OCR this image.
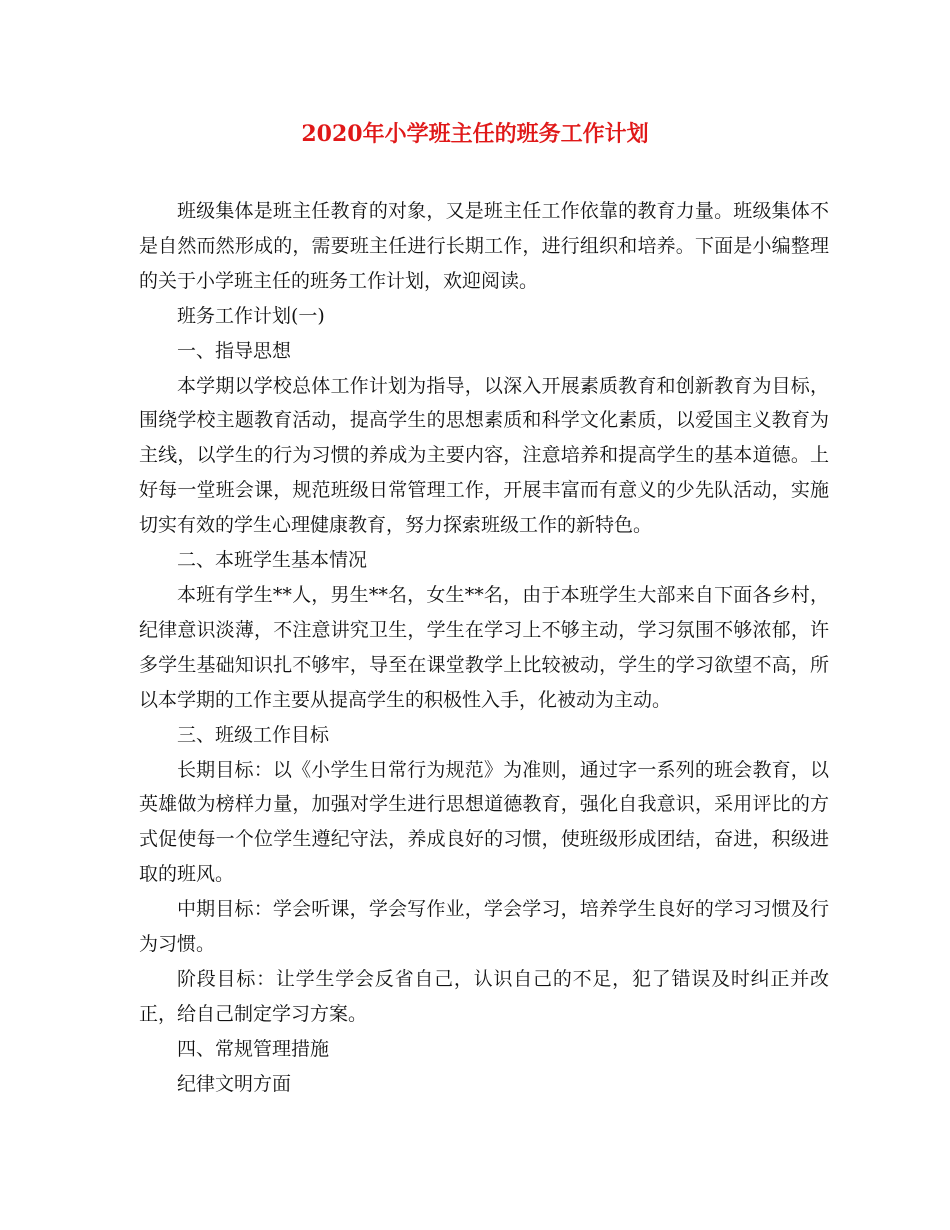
2020年小学班主任的班务工作计划

班级集体是班主任教育的对象，又是班主任工作依靠的教育力量。班级集体不是自然而然形成的，需要班主任进行长期工作，进行组织和培养。下面是小编整理的关于小学班主任的班务工作计划，欢迎阅读。

班务工作计划(一)

一、指导思想

本学期以学校总体工作计划为指导，以深入开展素质教育和创新教育为目标，围绕学校主题教育活动，提高学生的思想素质和科学文化素质，以爱国主义教育为主线，以学生的行为习惯的养成为主要内容，注意培养和提高学生的基本道德。上好每一堂班会课，规范班级日常管理工作，开展丰富而有意义的少先队活动，实施切实有效的学生心理健康教育，努力探索班级工作的新特色。

二、本班学生基本情况

本班有学生**人，男生**名，女生**名，由于本班学生大部来自下面各乡村，纪律意识淡薄，不注意讲究卫生，学生在学习上不够主动，学习氛围不够浓郁，许多学生基础知识扎不够牢，导至在课堂教学上比较被动，学生的学习欲望不高，所以本学期的工作主要从提高学生的积极性入手，化被动为主动。

三、班级工作目标

长期目标：以《小学生日常行为规范》为准则，通过字一系列的班会教育，以英雄做为榜样力量，加强对学生进行思想道德教育，强化自我意识，采用评比的方式促使每一个位学生遵纪守法，养成良好的习惯，使班级形成团结，奋进，积级进取的班风。

中期目标：学会听课，学会写作业，学会学习，培养学生良好的学习习惯及行为习惯。

阶段目标：让学生学会反省自己，认识自己的不足，犯了错误及时纠正并改正，给自己制定学习方案。

四、常规管理措施

纪律文明方面
